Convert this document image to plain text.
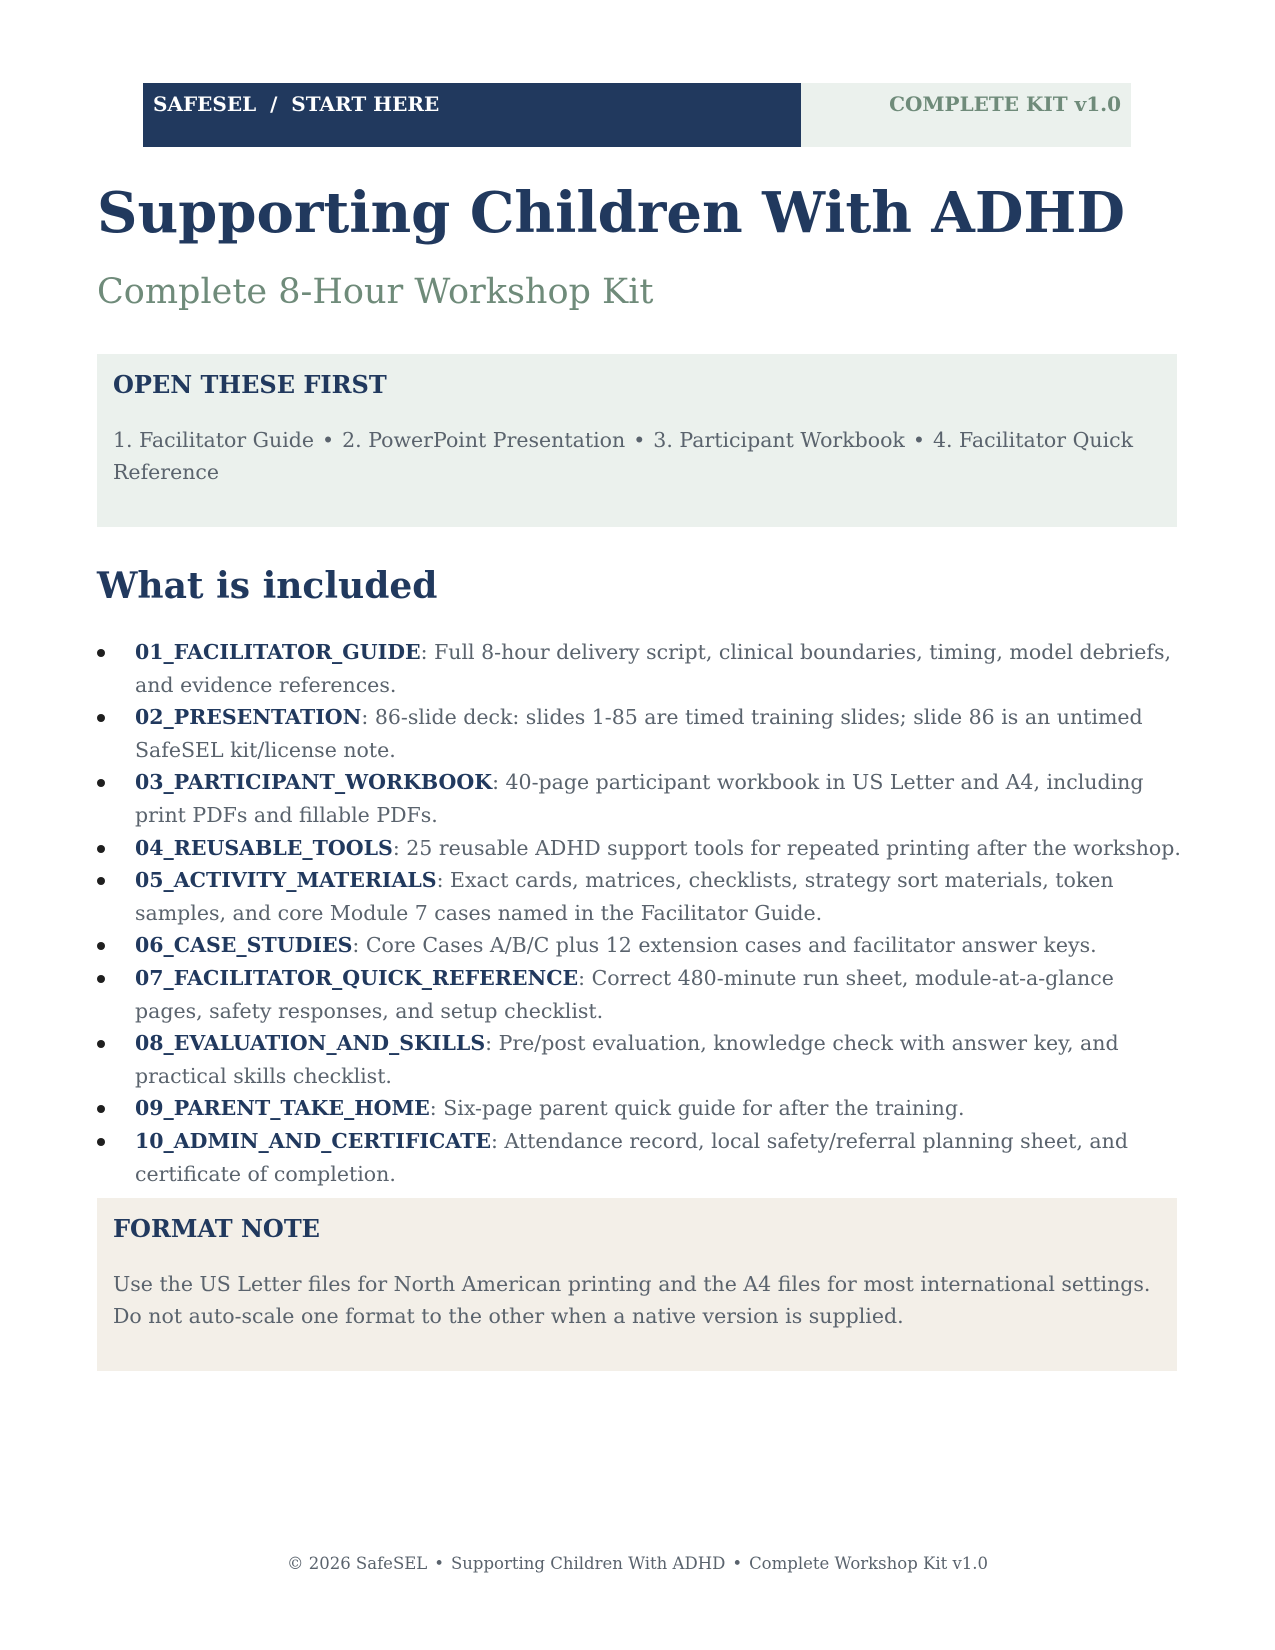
SAFESEL  /  START HERE	COMPLETE KIT v1.0
Supporting Children With ADHD
Complete 8-Hour Workshop Kit
OPEN THESE FIRST

1. Facilitator Guide • 2. PowerPoint Presentation • 3. Participant Workbook • 4. Facilitator Quick Reference

What is included
01_FACILITATOR_GUIDE: Full 8-hour delivery script, clinical boundaries, timing, model debriefs, and evidence references.
02_PRESENTATION: 86-slide deck: slides 1-85 are timed training slides; slide 86 is an untimed SafeSEL kit/license note.
03_PARTICIPANT_WORKBOOK: 40-page participant workbook in US Letter and A4, including print PDFs and fillable PDFs.
04_REUSABLE_TOOLS: 25 reusable ADHD support tools for repeated printing after the workshop.
05_ACTIVITY_MATERIALS: Exact cards, matrices, checklists, strategy sort materials, token samples, and core Module 7 cases named in the Facilitator Guide.
06_CASE_STUDIES: Core Cases A/B/C plus 12 extension cases and facilitator answer keys.
07_FACILITATOR_QUICK_REFERENCE: Correct 480-minute run sheet, module-at-a-glance pages, safety responses, and setup checklist.
08_EVALUATION_AND_SKILLS: Pre/post evaluation, knowledge check with answer key, and practical skills checklist.
09_PARENT_TAKE_HOME: Six-page parent quick guide for after the training.
10_ADMIN_AND_CERTIFICATE: Attendance record, local safety/referral planning sheet, and certificate of completion.
FORMAT NOTE

Use the US Letter files for North American printing and the A4 files for most international settings. Do not auto-scale one format to the other when a native version is supplied.

© 2026 SafeSEL • Supporting Children With ADHD • Complete Workshop Kit v1.0
